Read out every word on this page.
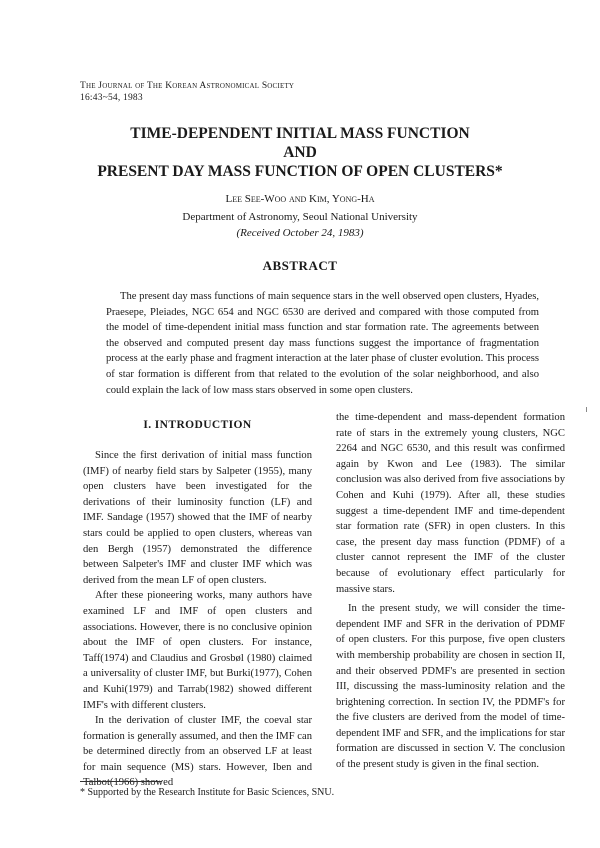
The Journal of The Korean Astronomical Society
16:43~54, 1983
TIME-DEPENDENT INITIAL MASS FUNCTION
AND
PRESENT DAY MASS FUNCTION OF OPEN CLUSTERS*
Lee See-Woo and Kim, Yong-Ha
Department of Astronomy, Seoul National University
(Received October 24, 1983)
ABSTRACT
The present day mass functions of main sequence stars in the well observed open clusters, Hyades, Praesepe, Pleiades, NGC 654 and NGC 6530 are derived and compared with those computed from the model of time-dependent initial mass function and star formation rate. The agreements between the observed and computed present day mass functions suggest the importance of fragmentation process at the early phase and fragment interaction at the later phase of cluster evolution. This process of star formation is different from that related to the evolution of the solar neighborhood, and also could explain the lack of low mass stars observed in some open clusters.
I. INTRODUCTION

Since the first derivation of initial mass function (IMF) of nearby field stars by Salpeter (1955), many open clusters have been investigated for the derivations of their luminosity function (LF) and IMF. Sandage (1957) showed that the IMF of nearby stars could be applied to open clusters, whereas van den Bergh (1957) demonstrated the difference between Salpeter's IMF and cluster IMF which was derived from the mean LF of open clusters.

After these pioneering works, many authors have examined LF and IMF of open clusters and associations. However, there is no conclusive opinion about the IMF of open clusters. For instance, Taff(1974) and Claudius and Grosbøl (1980) claimed a universality of cluster IMF, but Burki(1977), Cohen and Kuhi(1979) and Tarrab(1982) showed different IMF's with different clusters.

In the derivation of cluster IMF, the coeval star formation is generally assumed, and then the IMF can be determined directly from an observed LF at least for main sequence (MS) stars. However, Iben and Talbot(1966) showed

the time-dependent and mass-dependent formation rate of stars in the extremely young clusters, NGC 2264 and NGC 6530, and this result was confirmed again by Kwon and Lee (1983). The similar conclusion was also derived from five associations by Cohen and Kuhi (1979). After all, these studies suggest a time-dependent IMF and time-dependent star formation rate (SFR) in open clusters. In this case, the present day mass function (PDMF) of a cluster cannot represent the IMF of the cluster because of evolutionary effect particularly for massive stars.

In the present study, we will consider the time-dependent IMF and SFR in the derivation of PDMF of open clusters. For this purpose, five open clusters with membership probability are chosen in section II, and their observed PDMF's are presented in section III, discussing the mass-luminosity relation and the brightening correction. In section IV, the PDMF's for the five clusters are derived from the model of time-dependent IMF and SFR, and the implications for star formation are discussed in section V. The conclusion of the present study is given in the final section.

* Supported by the Research Institute for Basic Sciences, SNU.
